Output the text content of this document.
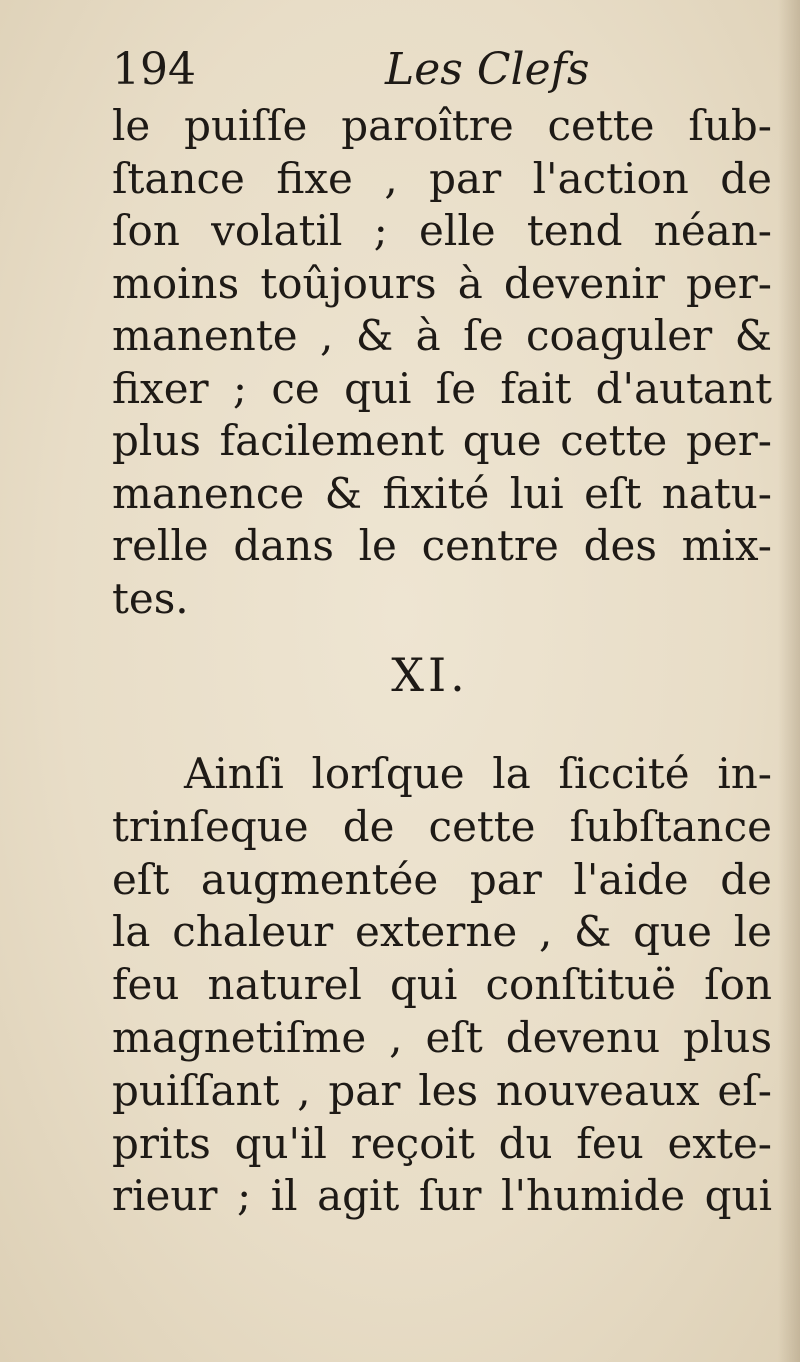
194	Les Clefs
le puiſſe paroître cette ſub-
ſtance fixe , par l'action de
ſon volatil ; elle tend néan-
moins toûjours à devenir per-
manente , & à ſe coaguler &
fixer ; ce qui ſe fait d'autant
plus facilement que cette per-
manence & fixité lui eſt natu-
relle dans le centre des mix-
tes.
XI.
Ainſi lorſque la ſiccité in-
trinſeque de cette ſubſtance
eſt augmentée par l'aide de
la chaleur externe , & que le
feu naturel qui conſtituë ſon
magnetiſme , eſt devenu plus
puiſſant , par les nouveaux eſ-
prits qu'il reçoit du feu exte-
rieur ; il agit ſur l'humide qui
